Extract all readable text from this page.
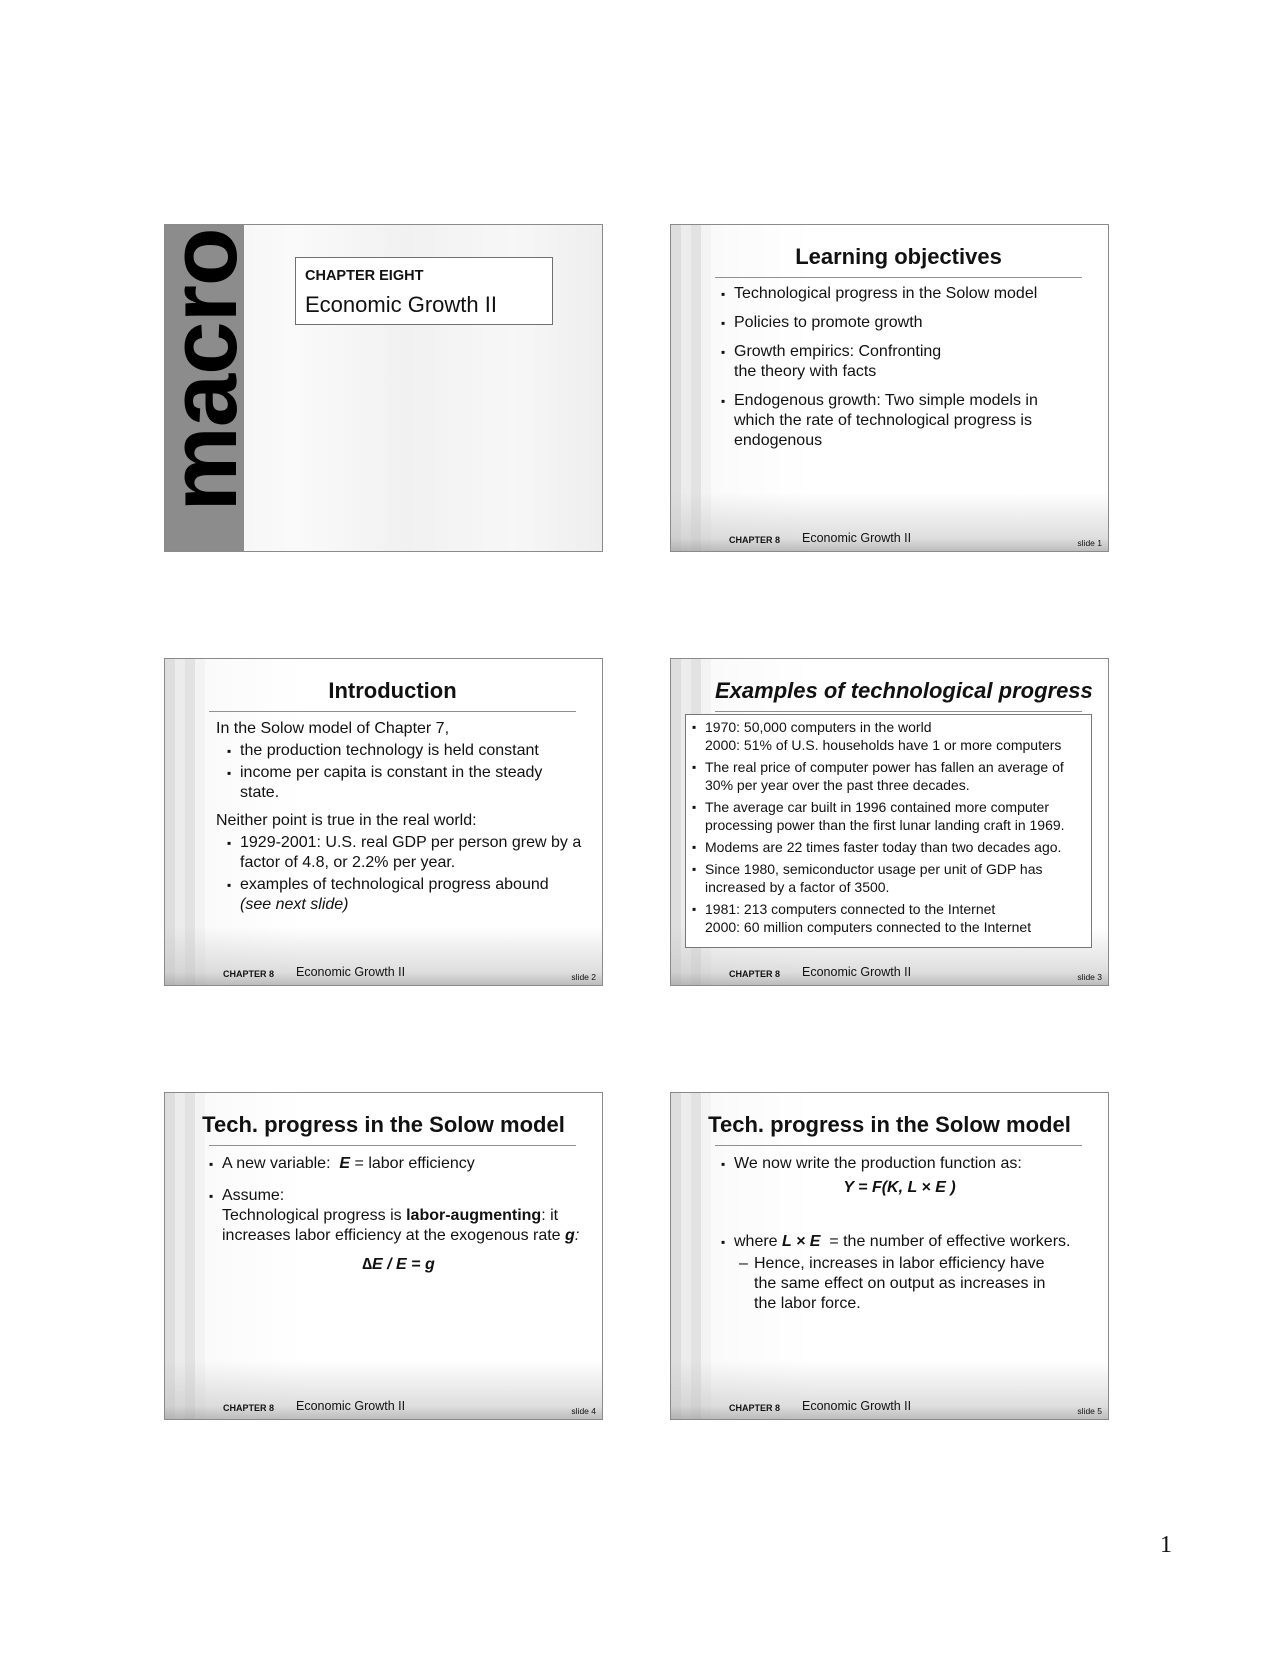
macro	CHAPTER EIGHT
Economic Growth II
Learning objectives
▪ Technological progress in the Solow model
▪ Policies to promote growth
▪ Growth empirics: Confronting the theory with facts
▪ Endogenous growth: Two simple models in which the rate of technological progress is endogenous
CHAPTER 8 Economic Growth II	slide 1
Introduction
In the Solow model of Chapter 7,
▪ the production technology is held constant
▪ income per capita is constant in the steady state.
Neither point is true in the real world:
▪ 1929-2001: U.S. real GDP per person grew by a factor of 4.8, or 2.2% per year.
▪ examples of technological progress abound
(see next slide)
CHAPTER 8 Economic Growth II	slide 2
Examples of technological progress
▪ 1970: 50,000 computers in the world
2000: 51% of U.S. households have 1 or more computers
▪ The real price of computer power has fallen an average of 30% per year over the past three decades.
▪ The average car built in 1996 contained more computer processing power than the first lunar landing craft in 1969.
▪ Modems are 22 times faster today than two decades ago.
▪ Since 1980, semiconductor usage per unit of GDP has increased by a factor of 3500.
▪ 1981: 213 computers connected to the Internet
2000: 60 million computers connected to the Internet
CHAPTER 8 Economic Growth II	slide 3
Tech. progress in the Solow model
▪ A new variable:  E = labor efficiency
▪ Assume:
Technological progress is labor-augmenting: it increases labor efficiency at the exogenous rate g:
∆E / E = g
CHAPTER 8 Economic Growth II	slide 4
Tech. progress in the Solow model
▪ We now write the production function as:
Y = F(K, L × E )
▪ where L × E  = the number of effective workers.
– Hence, increases in labor efficiency have the same effect on output as increases in the labor force.
CHAPTER 8 Economic Growth II	slide 5
1
